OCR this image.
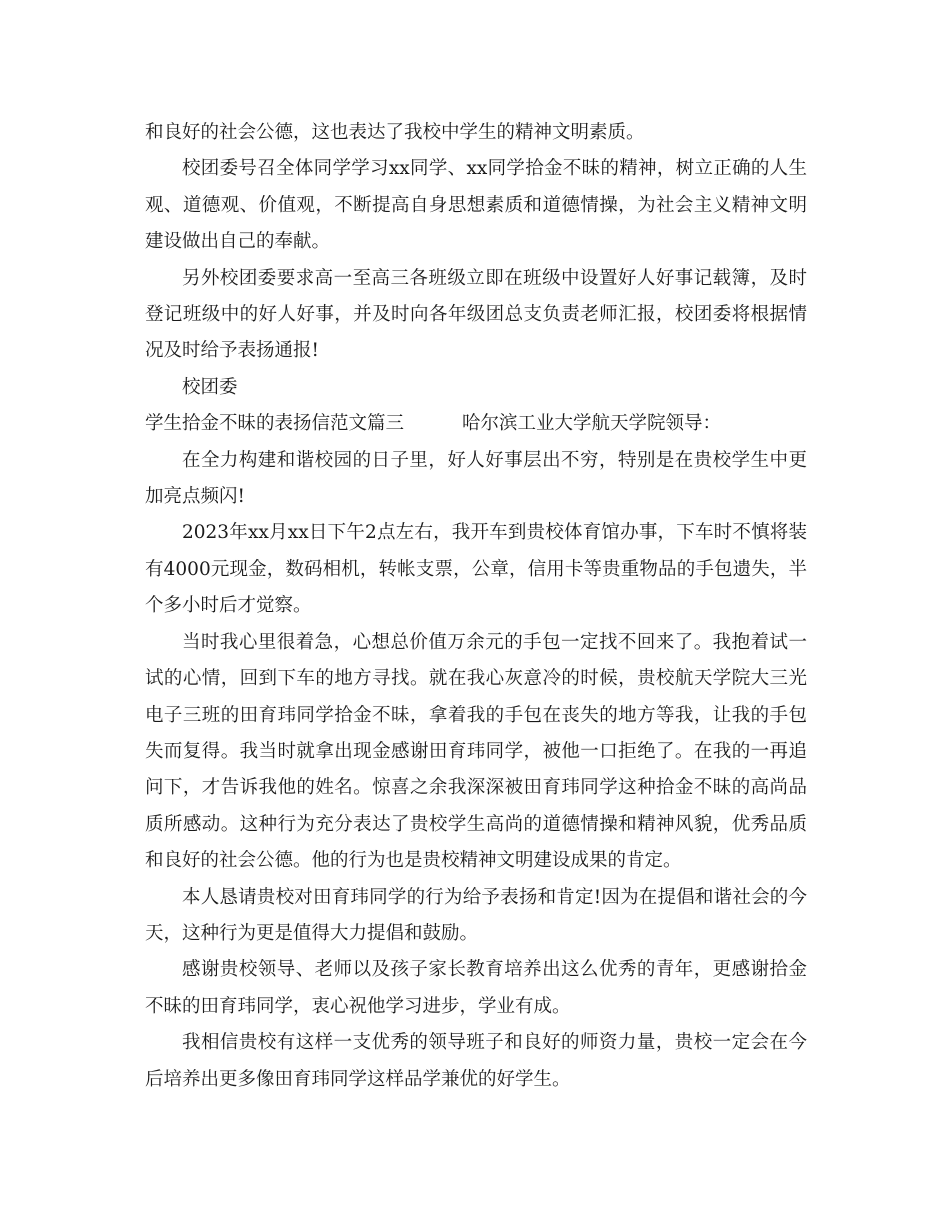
和良好的社会公德，这也表达了我校中学生的精神文明素质。

校团委号召全体同学学习xx同学、xx同学拾金不昧的精神，树立正确的人生观、道德观、价值观，不断提高自身思想素质和道德情操，为社会主义精神文明建设做出自己的奉献。

另外校团委要求高一至高三各班级立即在班级中设置好人好事记载簿，及时登记班级中的好人好事，并及时向各年级团总支负责老师汇报，校团委将根据情况及时给予表扬通报!

校团委

学生拾金不昧的表扬信范文篇三	哈尔滨工业大学航天学院领导：

在全力构建和谐校园的日子里，好人好事层出不穷，特别是在贵校学生中更加亮点频闪!

2023年xx月xx日下午2点左右，我开车到贵校体育馆办事，下车时不慎将装有4000元现金，数码相机，转帐支票，公章，信用卡等贵重物品的手包遗失，半个多小时后才觉察。

当时我心里很着急，心想总价值万余元的手包一定找不回来了。我抱着试一试的心情，回到下车的地方寻找。就在我心灰意冷的时候，贵校航天学院大三光电子三班的田育玮同学拾金不昧，拿着我的手包在丧失的地方等我，让我的手包失而复得。我当时就拿出现金感谢田育玮同学，被他一口拒绝了。在我的一再追问下，才告诉我他的姓名。惊喜之余我深深被田育玮同学这种拾金不昧的高尚品质所感动。这种行为充分表达了贵校学生高尚的道德情操和精神风貌，优秀品质和良好的社会公德。他的行为也是贵校精神文明建设成果的肯定。

本人恳请贵校对田育玮同学的行为给予表扬和肯定!因为在提倡和谐社会的今天，这种行为更是值得大力提倡和鼓励。

感谢贵校领导、老师以及孩子家长教育培养出这么优秀的青年，更感谢拾金不昧的田育玮同学，衷心祝他学习进步，学业有成。

我相信贵校有这样一支优秀的领导班子和良好的师资力量，贵校一定会在今后培养出更多像田育玮同学这样品学兼优的好学生。
